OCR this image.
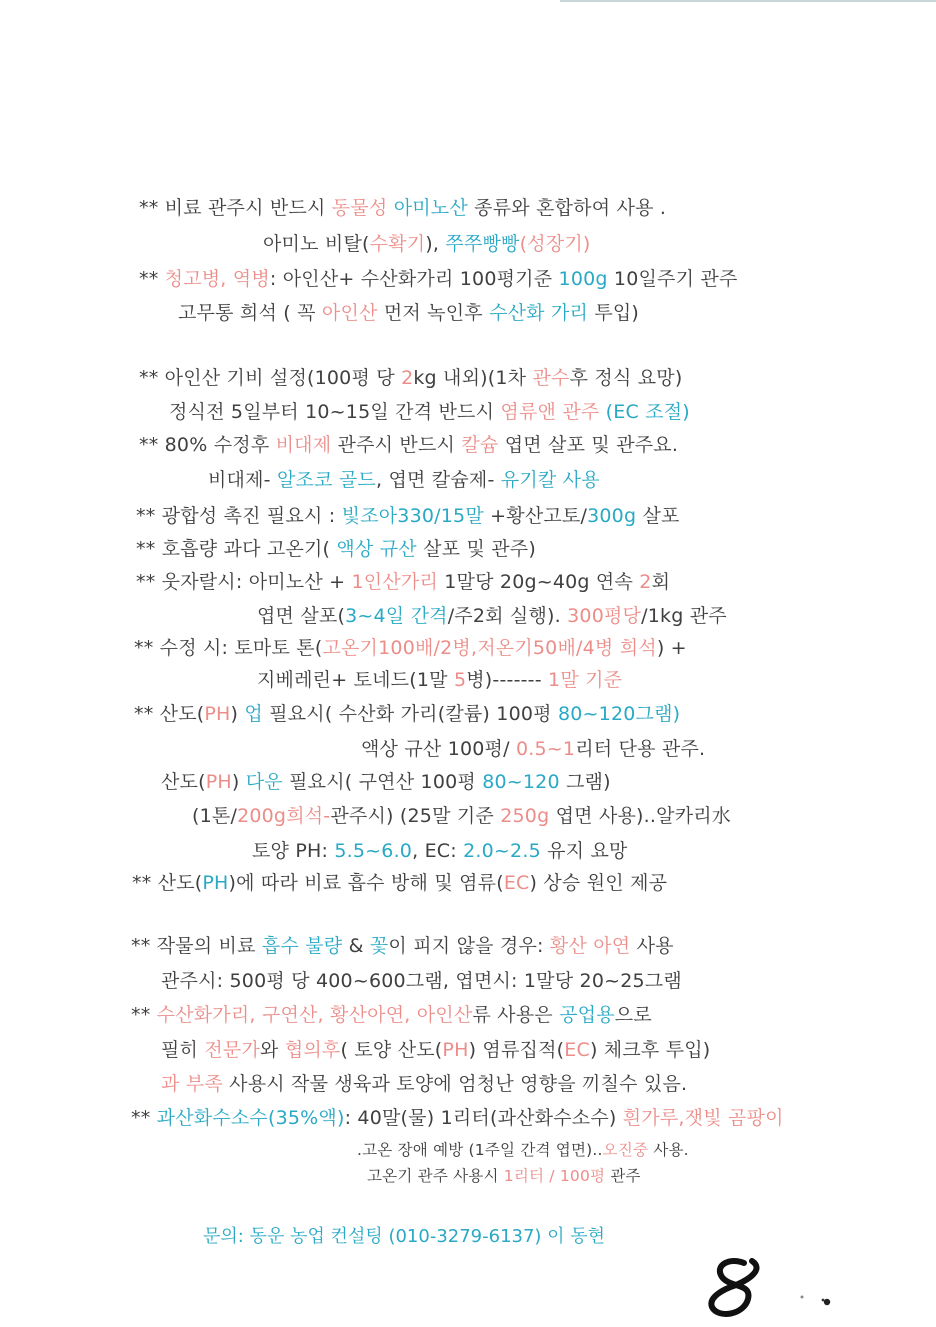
** 비료 관주시 반드시 동물성 아미노산 종류와 혼합하여 사용 .
아미노 비탈(수확기), 쭈쭈빵빵(성장기)
** 청고병, 역병: 아인산+ 수산화가리 100평기준 100g 10일주기 관주
고무통 희석 ( 꼭 아인산 먼저 녹인후 수산화 가리 투입)
** 아인산 기비 설정(100평 당 2kg 내외)(1차 관수후 정식 요망)
정식전 5일부터 10~15일 간격 반드시 염류앤 관주 (EC 조절)
** 80% 수정후 비대제 관주시 반드시 칼슘 엽면 살포 및 관주요.
비대제- 알조코 골드, 엽면 칼슘제- 유기칼 사용
** 광합성 촉진 필요시 : 빛조아330/15말 +황산고토/300g 살포
** 호흡량 과다 고온기( 액상 규산 살포 및 관주)
** 웃자랄시: 아미노산 + 1인산가리 1말당 20g~40g 연속 2회
엽면 살포(3~4일 간격/주2회 실행). 300평당/1kg 관주
** 수정 시: 토마토 톤(고온기100배/2병,저온기50배/4병 희석) +
지베레린+ 토네드(1말 5병)------- 1말 기준
** 산도(PH) 업 필요시( 수산화 가리(칼륨) 100평 80~120그램)
액상 규산 100평/ 0.5~1리터 단용 관주.
산도(PH) 다운 필요시( 구연산 100평 80~120 그램)
(1톤/200g희석-관주시) (25말 기준 250g 엽면 사용)..알카리水
토양 PH: 5.5~6.0, EC: 2.0~2.5 유지 요망
** 산도(PH)에 따라 비료 흡수 방해 및 염류(EC) 상승 원인 제공
** 작물의 비료 흡수 불량 & 꽃이 피지 않을 경우: 황산 아연 사용
관주시: 500평 당 400~600그램, 엽면시: 1말당 20~25그램
** 수산화가리, 구연산, 황산아연, 아인산류 사용은 공업용으로
필히 전문가와 협의후( 토양 산도(PH) 염류집적(EC) 체크후 투입)
과 부족 사용시 작물 생육과 토양에 엄청난 영향을 끼칠수 있음.
** 과산화수소수(35%액): 40말(물) 1리터(과산화수소수) 흰가루,잿빛 곰팡이
.고온 장애 예방 (1주일 간격 엽면)..오진중 사용.
고온기 관주 사용시 1리터 / 100평 관주
문의: 동운 농업 컨설팅 (010-3279-6137) 이 동현
